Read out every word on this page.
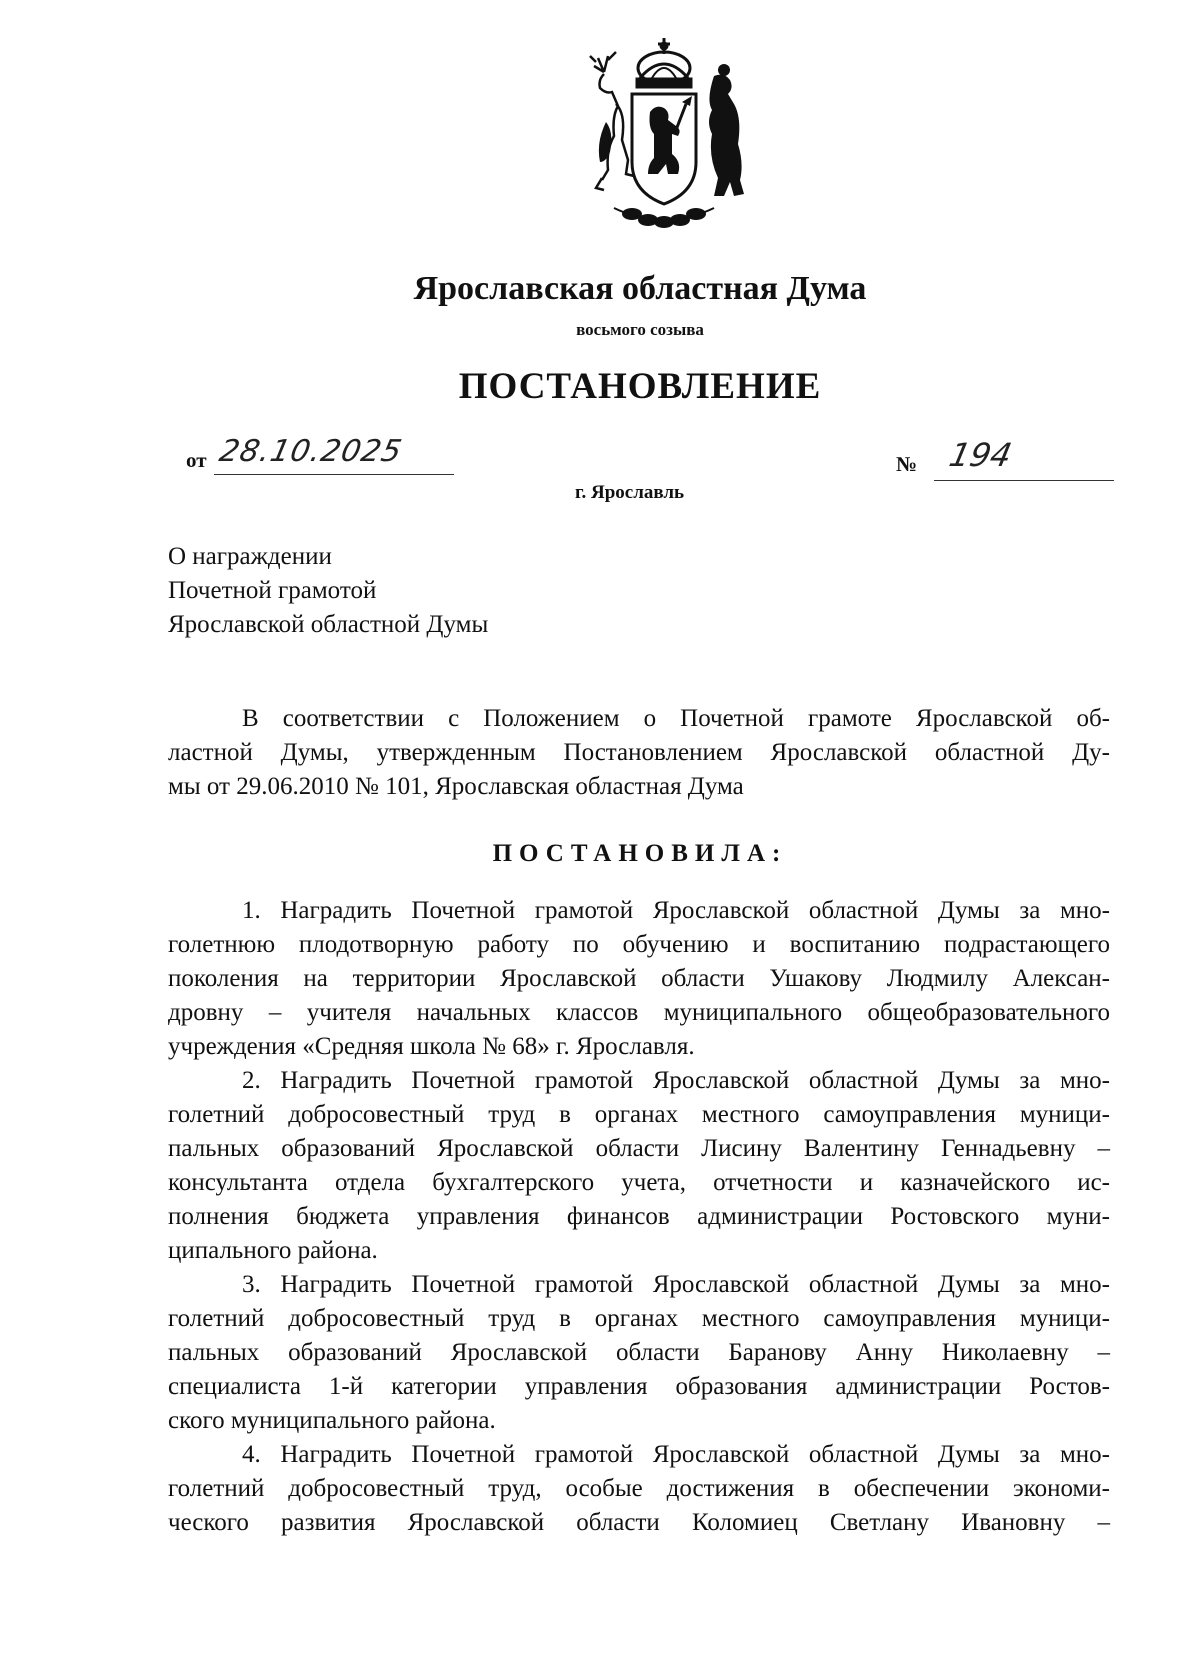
Ярославская областная Дума
восьмого созыва
ПОСТАНОВЛЕНИЕ
от 28.10.2025	№ 194
г. Ярославль
О награждении
Почетной грамотой
Ярославской областной Думы
В соответствии с Положением о Почетной грамоте Ярославской об-
ластной Думы, утвержденным Постановлением Ярославской областной Ду-
мы от 29.06.2010 № 101, Ярославская областная Дума
ПОСТАНОВИЛА:
1. Наградить Почетной грамотой Ярославской областной Думы за мно-
голетнюю плодотворную работу по обучению и воспитанию подрастающего
поколения на территории Ярославской области Ушакову Людмилу Алексан-
дровну – учителя начальных классов муниципального общеобразовательного
учреждения «Средняя школа № 68» г. Ярославля.
2. Наградить Почетной грамотой Ярославской областной Думы за мно-
голетний добросовестный труд в органах местного самоуправления муници-
пальных образований Ярославской области Лисину Валентину Геннадьевну –
консультанта отдела бухгалтерского учета, отчетности и казначейского ис-
полнения бюджета управления финансов администрации Ростовского муни-
ципального района.
3. Наградить Почетной грамотой Ярославской областной Думы за мно-
голетний добросовестный труд в органах местного самоуправления муници-
пальных образований Ярославской области Баранову Анну Николаевну –
специалиста 1-й категории управления образования администрации Ростов-
ского муниципального района.
4. Наградить Почетной грамотой Ярославской областной Думы за мно-
голетний добросовестный труд, особые достижения в обеспечении экономи-
ческого развития Ярославской области Коломиец Светлану Ивановну –
